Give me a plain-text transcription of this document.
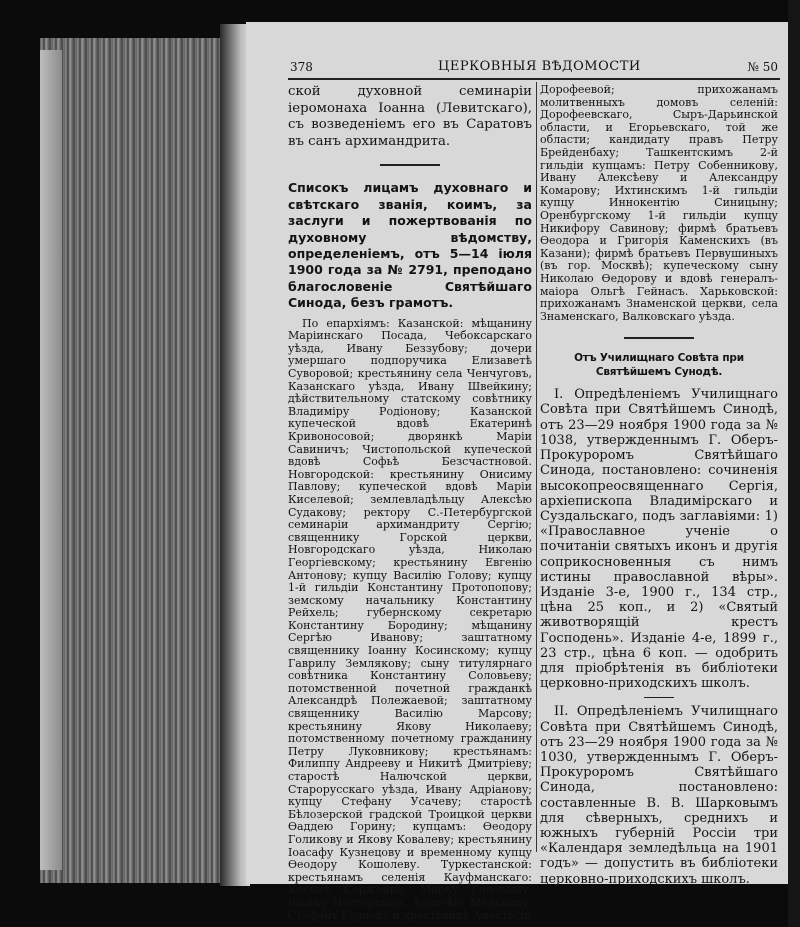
378	ЦЕРКОВНЫЯ ВѢДОМОСТИ	№ 50

ской духовной семинаріи іеромонаха Іоанна (Левитскаго), съ возведеніемъ его въ Саратовъ въ санъ архимандрита.

Списокъ лицамъ духовнаго и свѣтскаго званія, коимъ, за заслуги и пожертвованія по духовному вѣдомству, определеніемъ, отъ 5—14 іюля 1900 года за № 2791, преподано благословеніе Святѣйшаго Синода, безъ грамотъ.

По епархіямъ: Казанской: мѣщанину Маріинскаго Посада, Чебоксарскаго уѣзда, Ивану Беззубову; дочери умершаго подпоручика Елизаветѣ Суворовой; крестьянину села Ченчуговъ, Казанскаго уѣзда, Ивану Швейкину; дѣйствительному статскому совѣтнику Владиміру Родіонову; Казанской купеческой вдовѣ Екатеринѣ Кривоносовой; дворянкѣ Маріи Савиничъ; Чистопольской купеческой вдовѣ Софьѣ Безсчастновой. Новгородской: крестьянину Онисиму Павлову; купеческой вдовѣ Маріи Киселевой; землевладѣльцу Алексѣю Судакову; ректору С.-Петербургской семинаріи архимандриту Сергію; священнику Горской церкви, Новгородскаго уѣзда, Николаю Георгіевскому; крестьянину Евгенію Антонову; купцу Василію Голову; купцу 1-й гильдіи Константину Протопопову; земскому начальнику Константину Рейхель; губернскому секретарю Константину Бородину; мѣщанину Сергѣю Иванову; заштатному священнику Іоанну Косинскому; купцу Гаврилу Землякову; сыну титулярнаго совѣтника Константину Соловьеву; потомственной почетной гражданкѣ Александрѣ Полежаевой; заштатному священнику Василію Марсову; крестьянину Якову Николаеву; потомственному почетному гражданину Петру Луковникову; крестьянамъ: Филиппу Андрееву и Никитѣ Дмитріеву; старостѣ Налючской церкви, Старорусскаго уѣзда, Ивану Адріанову; купцу Стефану Усачеву; старостѣ Бѣлозерской градской Троицкой церкви Ѳаддею Горину; купцамъ: Ѳеодору Голикову и Якову Ковалеву; крестьянину Іоасафу Кузнецову и временному купцу Ѳеодору Кошолеву. Туркестанской: крестьянамъ селенія Кауфманскаго: Косьмѣ Серженко, Марку Головашу, Іоанну Нестеренко, Алексѣю Мельнику, Стефану Горлову и крестьянкѣ Анастасіи

Дорофеевой; прихожанамъ молитвенныхъ домовъ селеній: Дорофеевскаго, Сыръ-Дарьинской области, и Егорьевскаго, той же области; кандидату правъ Петру Брейденбаху; Ташкентскимъ 2-й гильдіи купцамъ: Петру Собенникову, Ивану Алексѣеву и Александру Комарову; Ихтинскимъ 1-й гильдіи купцу Иннокентію Синицыну; Оренбургскому 1-й гильдіи купцу Никифору Савинову; фирмѣ братьевъ Ѳеодора и Григорія Каменскихъ (въ Казани); фирмѣ братьевъ Первушиныхъ (въ гор. Москвѣ); купеческому сыну Николаю Ѳедорову и вдовѣ генералъ-маіора Ольгѣ Гейнасъ. Харьковской: прихожанамъ Знаменской церкви, села Знаменскаго, Валковскаго уѣзда.

Отъ Училищнаго Совѣта при Святѣйшемъ Сунодѣ.

I. Опредѣленіемъ Училищнаго Совѣта при Святѣйшемъ Синодѣ, отъ 23—29 ноября 1900 года за № 1038, утвержденнымъ Г. Оберъ-Прокуроромъ Святѣйшаго Синода, постановлено: сочиненія высокопреосвященнаго Сергія, архіепископа Владимірскаго и Суздальскаго, подъ заглавіями: 1) «Православное ученіе о почитаніи святыхъ иконъ и другія соприкосновенныя съ нимъ истины православной вѣры». Изданіе 3-е, 1900 г., 134 стр., цѣна 25 коп., и 2) «Святый животворящій крестъ Господень». Изданіе 4-е, 1899 г., 23 стр., цѣна 6 коп. — одобрить для пріобрѣтенія въ библіотеки церковно-приходскихъ школъ.

II. Опредѣленіемъ Училищнаго Совѣта при Святѣйшемъ Синодѣ, отъ 23—29 ноября 1900 года за № 1030, утвержденнымъ Г. Оберъ-Прокуроромъ Святѣйшаго Синода, постановлено: составленные В. В. Шарковымъ для сѣверныхъ, среднихъ и южныхъ губерній Россіи три «Календаря земледѣльца на 1901 годъ» — допустить въ библіотеки церковно-приходскихъ школъ.
